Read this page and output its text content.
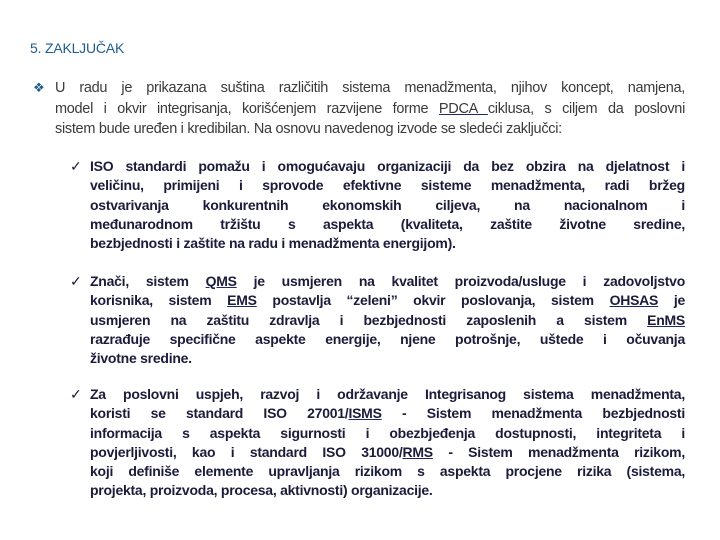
5. ZAKLJUČAK
❖ U radu je prikazana suština različitih sistema menadžmenta, njihov koncept, namjena,
model i okvir integrisanja, korišćenjem razvijene forme PDCA ciklusa, s ciljem da poslovni
sistem bude uređen i kredibilan. Na osnovu navedenog izvode se sledeći zaključci:
✓ ISO standardi pomažu i omogućavaju organizaciji da bez obzira na djelatnost i
veličinu, primijeni i sprovode efektivne sisteme menadžmenta, radi bržeg
ostvarivanja konkurentnih ekonomskih ciljeva, na nacionalnom i
međunarodnom tržištu s aspekta (kvaliteta, zaštite životne sredine,
bezbjednosti i zaštite na radu i menadžmenta energijom).
✓ Znači, sistem QMS je usmjeren na kvalitet proizvoda/usluge i zadovoljstvo
korisnika, sistem EMS postavlja “zeleni” okvir poslovanja, sistem OHSAS je
usmjeren na zaštitu zdravlja i bezbjednosti zaposlenih a sistem EnMS
razrađuje specifične aspekte energije, njene potrošnje, uštede i očuvanja
životne sredine.
✓ Za poslovni uspjeh, razvoj i održavanje Integrisanog sistema menadžmenta,
koristi se standard ISO 27001/ISMS - Sistem menadžmenta bezbjednosti
informacija s aspekta sigurnosti i obezbjeđenja dostupnosti, integriteta i
povjerljivosti, kao i standard ISO 31000/RMS - Sistem menadžmenta rizikom,
koji definiše elemente upravljanja rizikom s aspekta procjene rizika (sistema,
projekta, proizvoda, procesa, aktivnosti) organizacije.
